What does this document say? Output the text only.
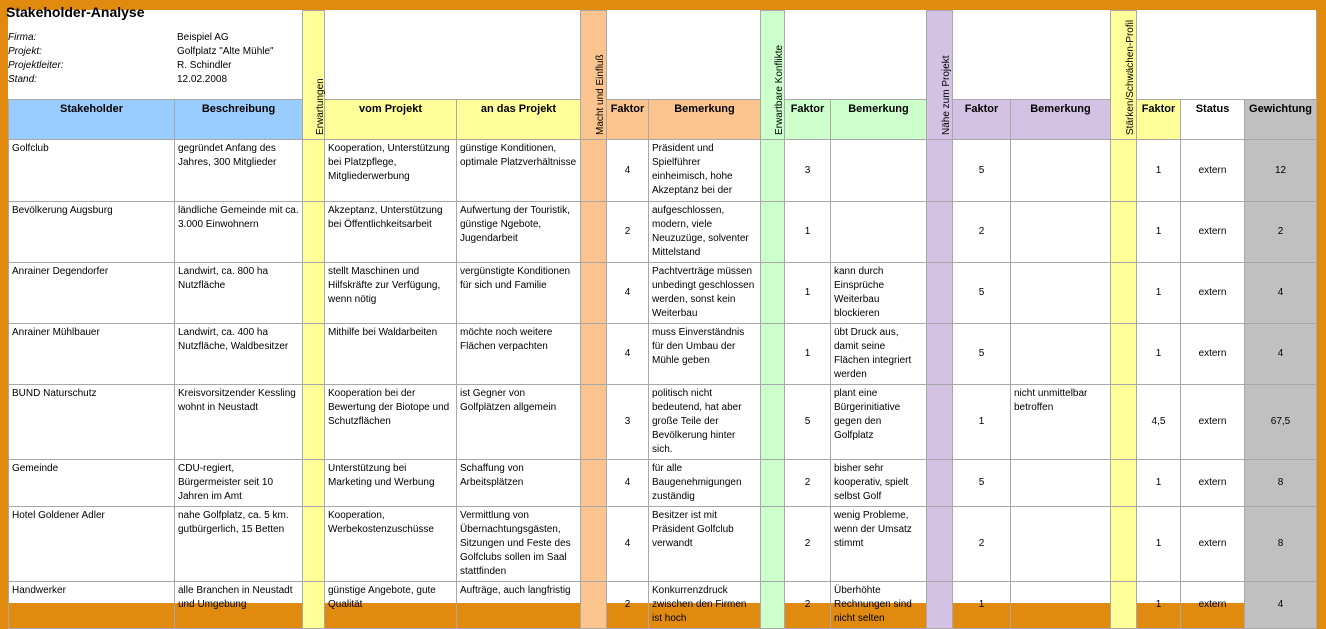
		Erwartungen			Macht und Einfluß			Erwartbare Konflikte			Nähe zum Projekt			Stärken/Schwächen-Profil			

Stakeholder	Beschreibung		vom Projekt	an das Projekt		Faktor	Bemerkung		Faktor	Bemerkung		Faktor	Bemerkung		Faktor	Status	Gewichtung
Golfclub	gegründet Anfang des Jahres, 300 Mitglieder		Kooperation, Unterstützung bei Platzpflege, Mitgliederwerbung	günstige Konditionen, optimale Platzverhältnisse		4	Präsident und Spielführer einheimisch, hohe Akzeptanz bei der		3			5			1	extern	12
Bevölkerung Augsburg	ländliche Gemeinde mit ca. 3.000 Einwohnern		Akzeptanz, Unterstützung bei Öffentlichkeitsarbeit	Aufwertung der Touristik, günstige Ngebote, Jugendarbeit		2	aufgeschlossen, modern, viele Neuzuzüge, solventer Mittelstand		1			2			1	extern	2
Anrainer Degendorfer	Landwirt, ca. 800 ha Nutzfläche		stellt Maschinen und Hilfskräfte zur Verfügung, wenn nötig	vergünstigte Konditionen für sich und Familie		4	Pachtverträge müssen unbedingt geschlossen werden, sonst kein Weiterbau		1	kann durch Einsprüche Weiterbau blockieren		5			1	extern	4
Anrainer Mühlbauer	Landwirt, ca. 400 ha Nutzfläche, Waldbesitzer		Mithilfe bei Waldarbeiten	möchte noch weitere Flächen verpachten		4	muss Einverständnis für den Umbau der Mühle geben		1	übt Druck aus, damit seine Flächen integriert werden		5			1	extern	4
BUND Naturschutz	Kreisvorsitzender Kessling wohnt in Neustadt		Kooperation bei der Bewertung der Biotope und Schutzflächen	ist Gegner von Golfplätzen allgemein		3	politisch nicht bedeutend, hat aber große Teile der Bevölkerung hinter sich.		5	plant eine Bürgerinitiative gegen den Golfplatz		1	nicht unmittelbar betroffen		4,5	extern	67,5
Gemeinde	CDU-regiert, Bürgermeister seit 10 Jahren im Amt		Unterstützung bei Marketing und Werbung	Schaffung von Arbeitsplätzen		4	für alle Baugenehmigungen zuständig		2	bisher sehr kooperativ, spielt selbst Golf		5			1	extern	8
Hotel Goldener Adler	nahe Golfplatz, ca. 5 km. gutbürgerlich, 15 Betten		Kooperation, Werbekostenzuschüsse	Vermittlung von Übernachtungsgästen, Sitzungen und Feste des Golfclubs sollen im Saal stattfinden		4	Besitzer ist mit Präsident Golfclub verwandt		2	wenig Probleme, wenn der Umsatz stimmt		2			1	extern	8
Handwerker	alle Branchen in Neustadt und Umgebung		günstige Angebote, gute Qualität	Aufträge, auch langfristig		2	Konkurrenzdruck zwischen den Firmen ist hoch		2	Überhöhte Rechnungen sind nicht selten		1			1	extern	4
Stakeholder-Analyse
Firma:	Beispiel AG
Projekt:	Golfplatz "Alte Mühle"
Projektleiter:	R. Schindler
Stand:	12.02.2008
